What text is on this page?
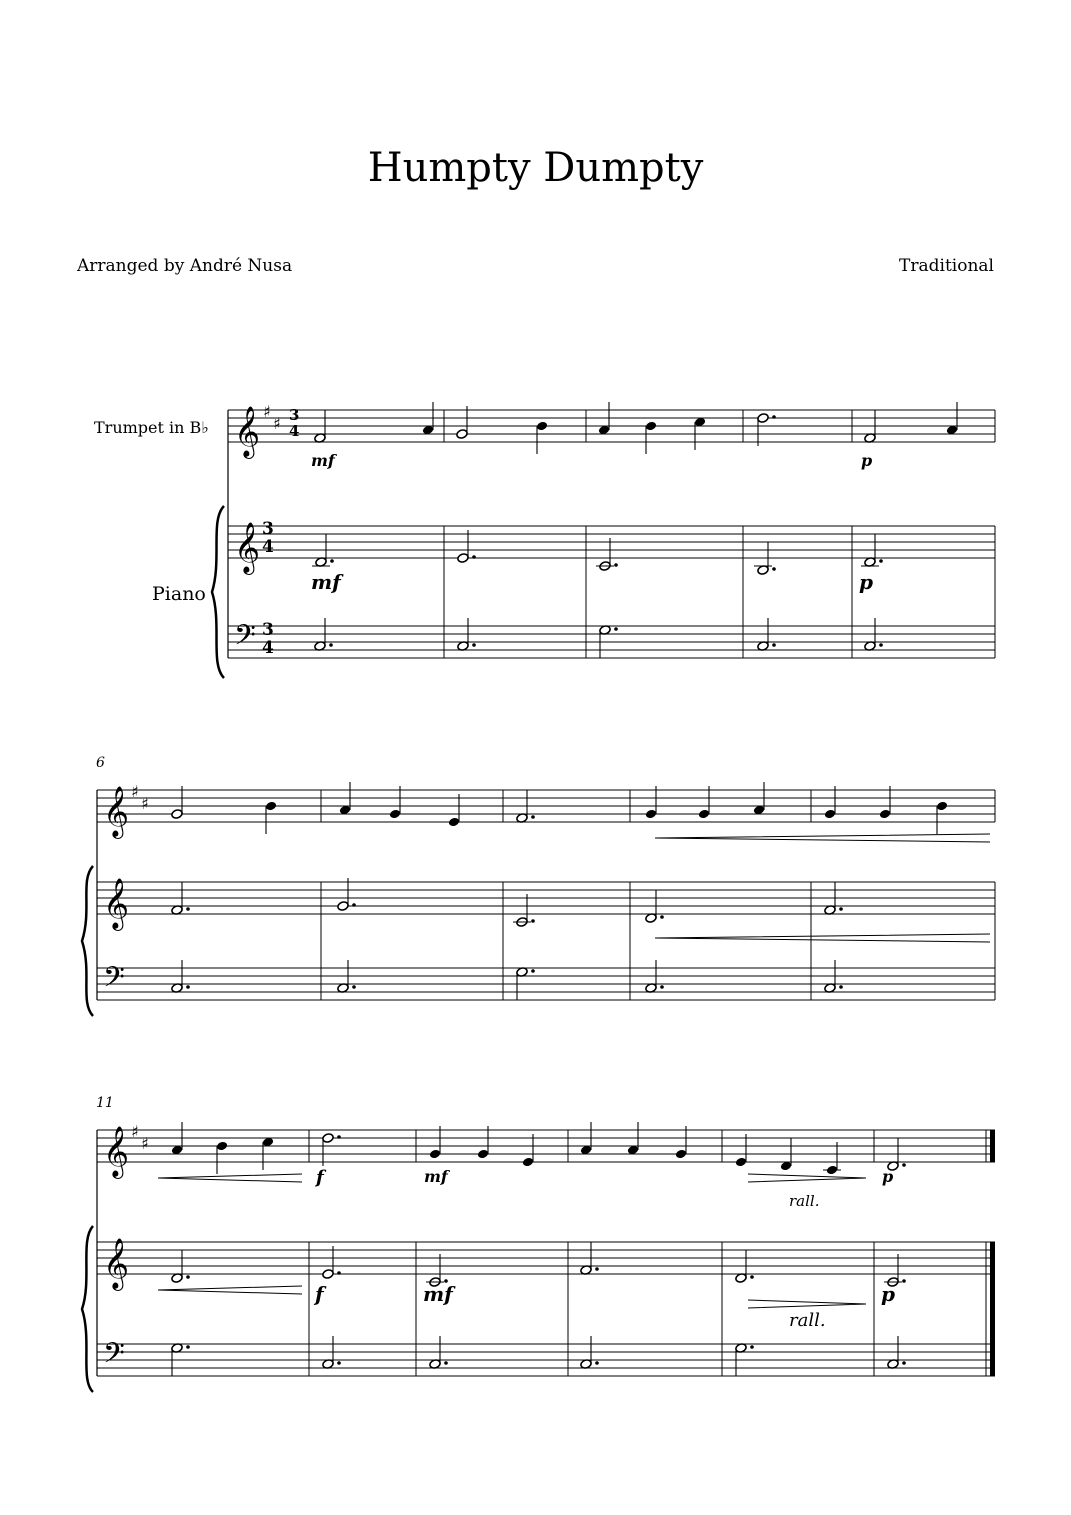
Humpty Dumpty
Arranged by André Nusa	Traditional
𝄞
𝄞
𝄢
𝄞
𝄞
𝄢
𝄞
𝄞
𝄢
♯
♯
♯
♯
♯
♯
Trumpet in B♭
Piano
3
4
3
4
3
4
6
11
mf	p
mf	p
f	mf	p
rall.
f	mf
rall.
p
